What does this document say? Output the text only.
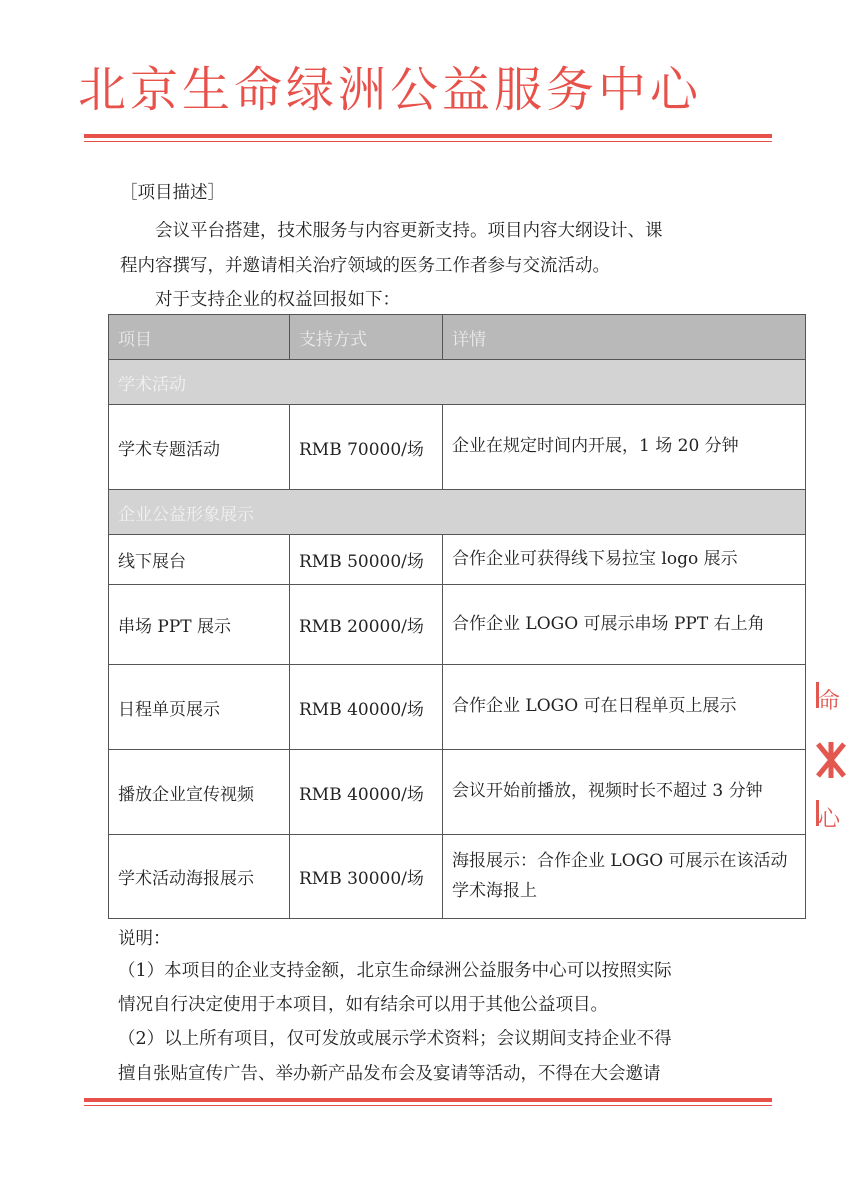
北京生命绿洲公益服务中心
［项目描述］
会议平台搭建，技术服务与内容更新支持。项目内容大纲设计、课
程内容撰写，并邀请相关治疗领域的医务工作者参与交流活动。
对于支持企业的权益回报如下：
项目	支持方式	详情
学术活动		
学术专题活动	RMB 70000/场	企业在规定时间内开展，1 场 20 分钟
企业公益形象展示		
线下展台	RMB 50000/场	合作企业可获得线下易拉宝 logo 展示
串场 PPT 展示	RMB 20000/场	合作企业 LOGO 可展示串场 PPT 右上角
日程单页展示	RMB 40000/场	合作企业 LOGO 可在日程单页上展示
播放企业宣传视频	RMB 40000/场	会议开始前播放，视频时长不超过 3 分钟
学术活动海报展示	RMB 30000/场	海报展示：合作企业 LOGO 可展示在该活动学术海报上
说明：
（1）本项目的企业支持金额，北京生命绿洲公益服务中心可以按照实际
情况自行决定使用于本项目，如有结余可以用于其他公益项目。
（2）以上所有项目，仅可发放或展示学术资料；会议期间支持企业不得
擅自张贴宣传广告、举办新产品发布会及宴请等活动，不得在大会邀请
命
心
